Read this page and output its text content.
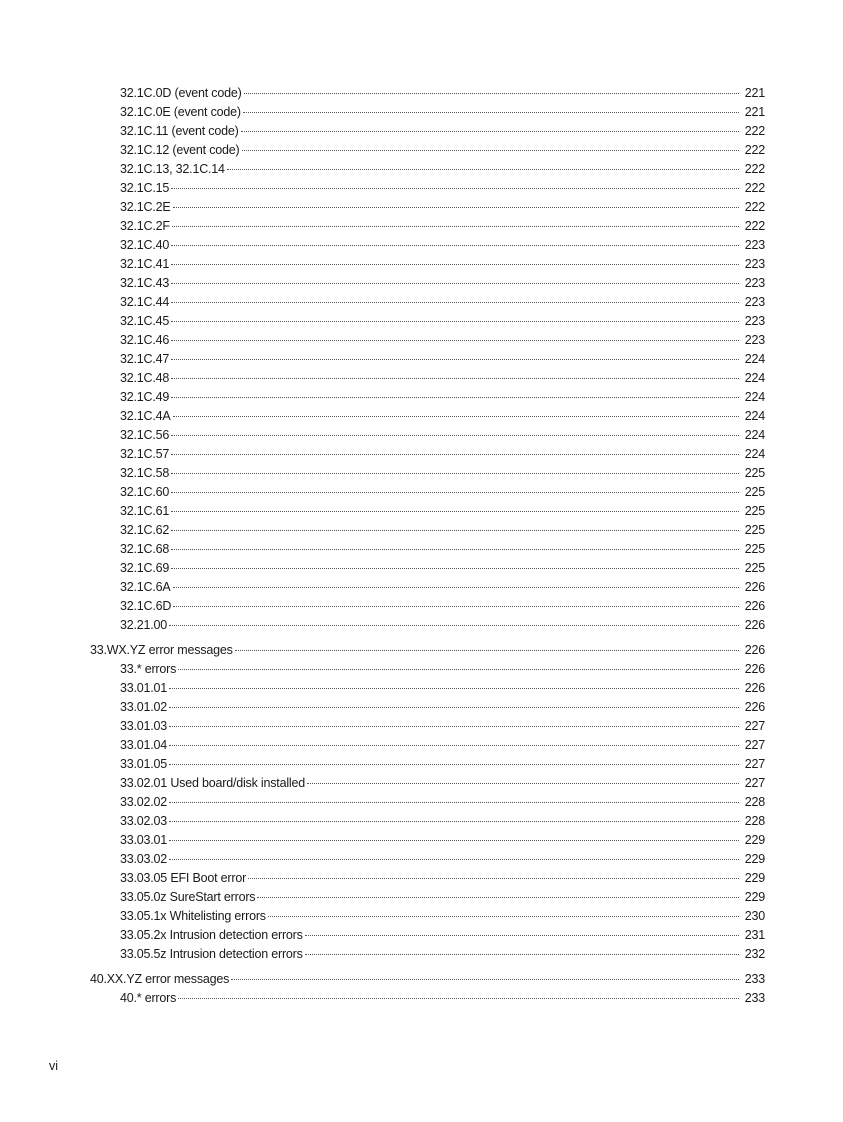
32.1C.0D (event code)	221
32.1C.0E (event code)	221
32.1C.11 (event code)	222
32.1C.12 (event code)	222
32.1C.13, 32.1C.14	222
32.1C.15	222
32.1C.2E	222
32.1C.2F	222
32.1C.40	223
32.1C.41	223
32.1C.43	223
32.1C.44	223
32.1C.45	223
32.1C.46	223
32.1C.47	224
32.1C.48	224
32.1C.49	224
32.1C.4A	224
32.1C.56	224
32.1C.57	224
32.1C.58	225
32.1C.60	225
32.1C.61	225
32.1C.62	225
32.1C.68	225
32.1C.69	225
32.1C.6A	226
32.1C.6D	226
32.21.00	226
33.WX.YZ error messages	226
33.* errors	226
33.01.01	226
33.01.02	226
33.01.03	227
33.01.04	227
33.01.05	227
33.02.01 Used board/disk installed	227
33.02.02	228
33.02.03	228
33.03.01	229
33.03.02	229
33.03.05 EFI Boot error	229
33.05.0z SureStart errors	229
33.05.1x Whitelisting errors	230
33.05.2x Intrusion detection errors	231
33.05.5z Intrusion detection errors	232
40.XX.YZ error messages	233
40.* errors	233
vi
